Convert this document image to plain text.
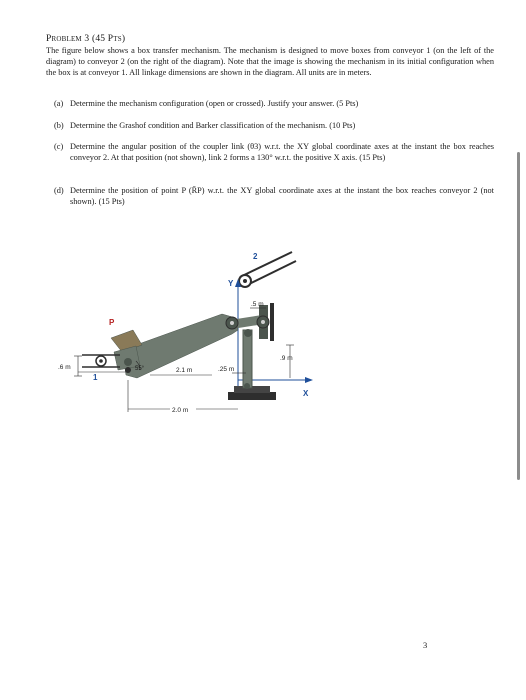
Problem 3 (45 Pts)
The figure below shows a box transfer mechanism. The mechanism is designed to move boxes from conveyor 1 (on the left of the diagram) to conveyor 2 (on the right of the diagram). Note that the image is showing the mechanism in its initial configuration when the box is at conveyor 1. All linkage dimensions are shown in the diagram. All units are in meters.
(a) Determine the mechanism configuration (open or crossed). Justify your answer. (5 Pts)
(b) Determine the Grashof condition and Barker classification of the mechanism. (10 Pts)
(c) Determine the angular position of the coupler link (θ3) w.r.t. the XY global coordinate axes at the instant the box reaches conveyor 2. At that position (not shown), link 2 forms a 130° w.r.t. the positive X axis. (15 Pts)
(d) Determine the position of point P (R̄P) w.r.t. the XY global coordinate axes at the instant the box reaches conveyor 2 (not shown). (15 Pts)
2
Y
X
P
1
55°
.5 m
.9 m
.6 m	2.1 m	.25 m
2.0 m
3
